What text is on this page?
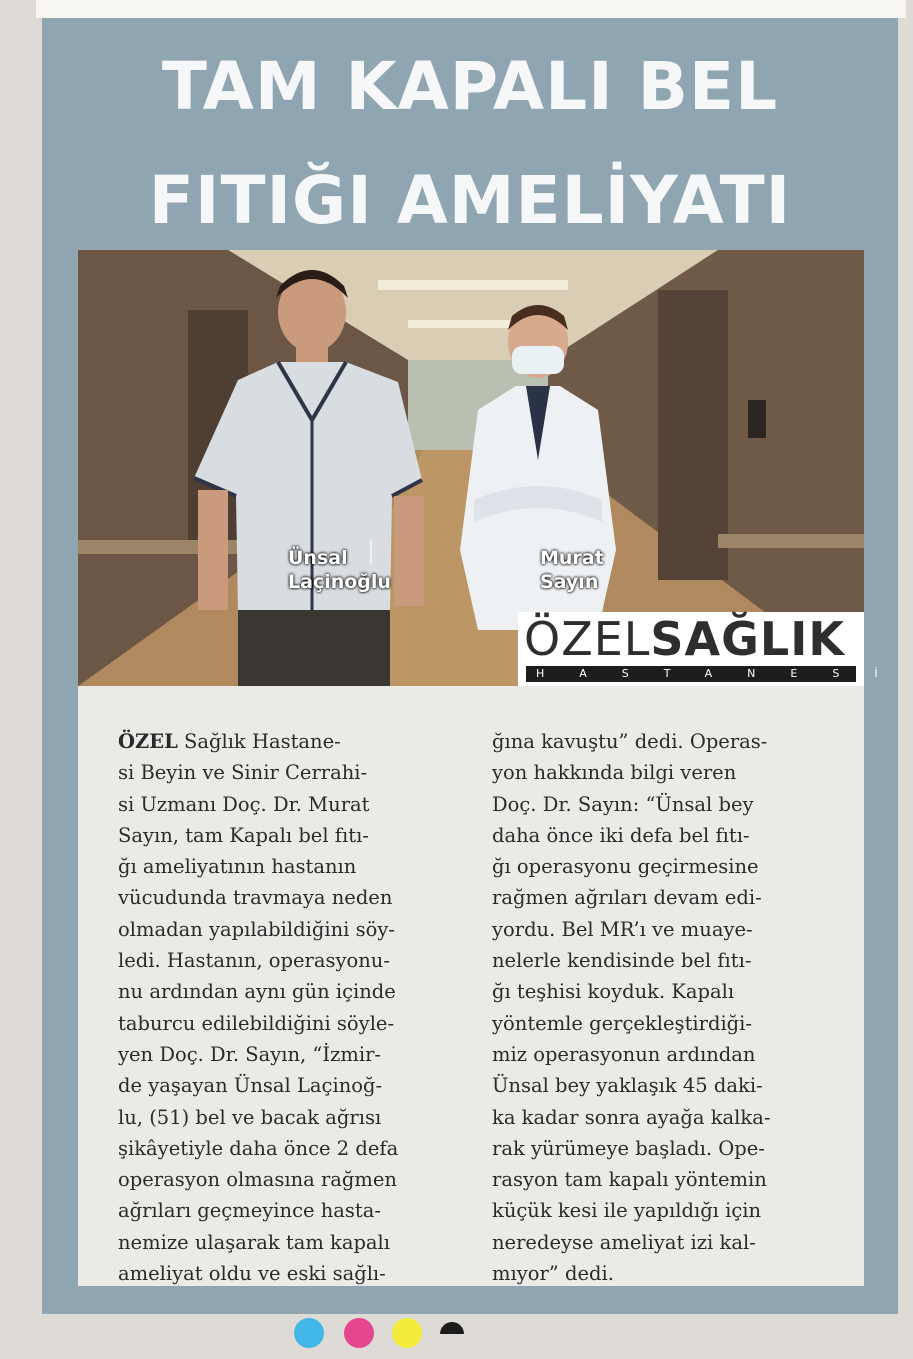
TAM KAPALI BEL
FITIĞI AMELİYATI
Ünsal
Laçinoğlu
Murat
Sayın
ÖZELSAĞLIK
HASTANESİ
ÖZEL Sağlık Hastane-
si Beyin ve Sinir Cerrahi-
si Uzmanı Doç. Dr. Murat
Sayın, tam Kapalı bel fıtı-
ğı ameliyatının hastanın
vücudunda travmaya neden
olmadan yapılabildiğini söy-
ledi. Hastanın, operasyonu-
nu ardından aynı gün içinde
taburcu edilebildiğini söyle-
yen Doç. Dr. Sayın, “İzmir-
de yaşayan Ünsal Laçinoğ-
lu, (51) bel ve bacak ağrısı
şikâyetiyle daha önce 2 defa
operasyon olmasına rağmen
ağrıları geçmeyince hasta-
nemize ulaşarak tam kapalı
ameliyat oldu ve eski sağlı-
ğına kavuştu” dedi. Operas-
yon hakkında bilgi veren
Doç. Dr. Sayın: “Ünsal bey
daha önce iki defa bel fıtı-
ğı operasyonu geçirmesine
rağmen ağrıları devam edi-
yordu. Bel MR’ı ve muaye-
nelerle kendisinde bel fıtı-
ğı teşhisi koyduk. Kapalı
yöntemle gerçekleştirdiği-
miz operasyonun ardından
Ünsal bey yaklaşık 45 daki-
ka kadar sonra ayağa kalka-
rak yürümeye başladı. Ope-
rasyon tam kapalı yöntemin
küçük kesi ile yapıldığı için
neredeyse ameliyat izi kal-
mıyor” dedi.
